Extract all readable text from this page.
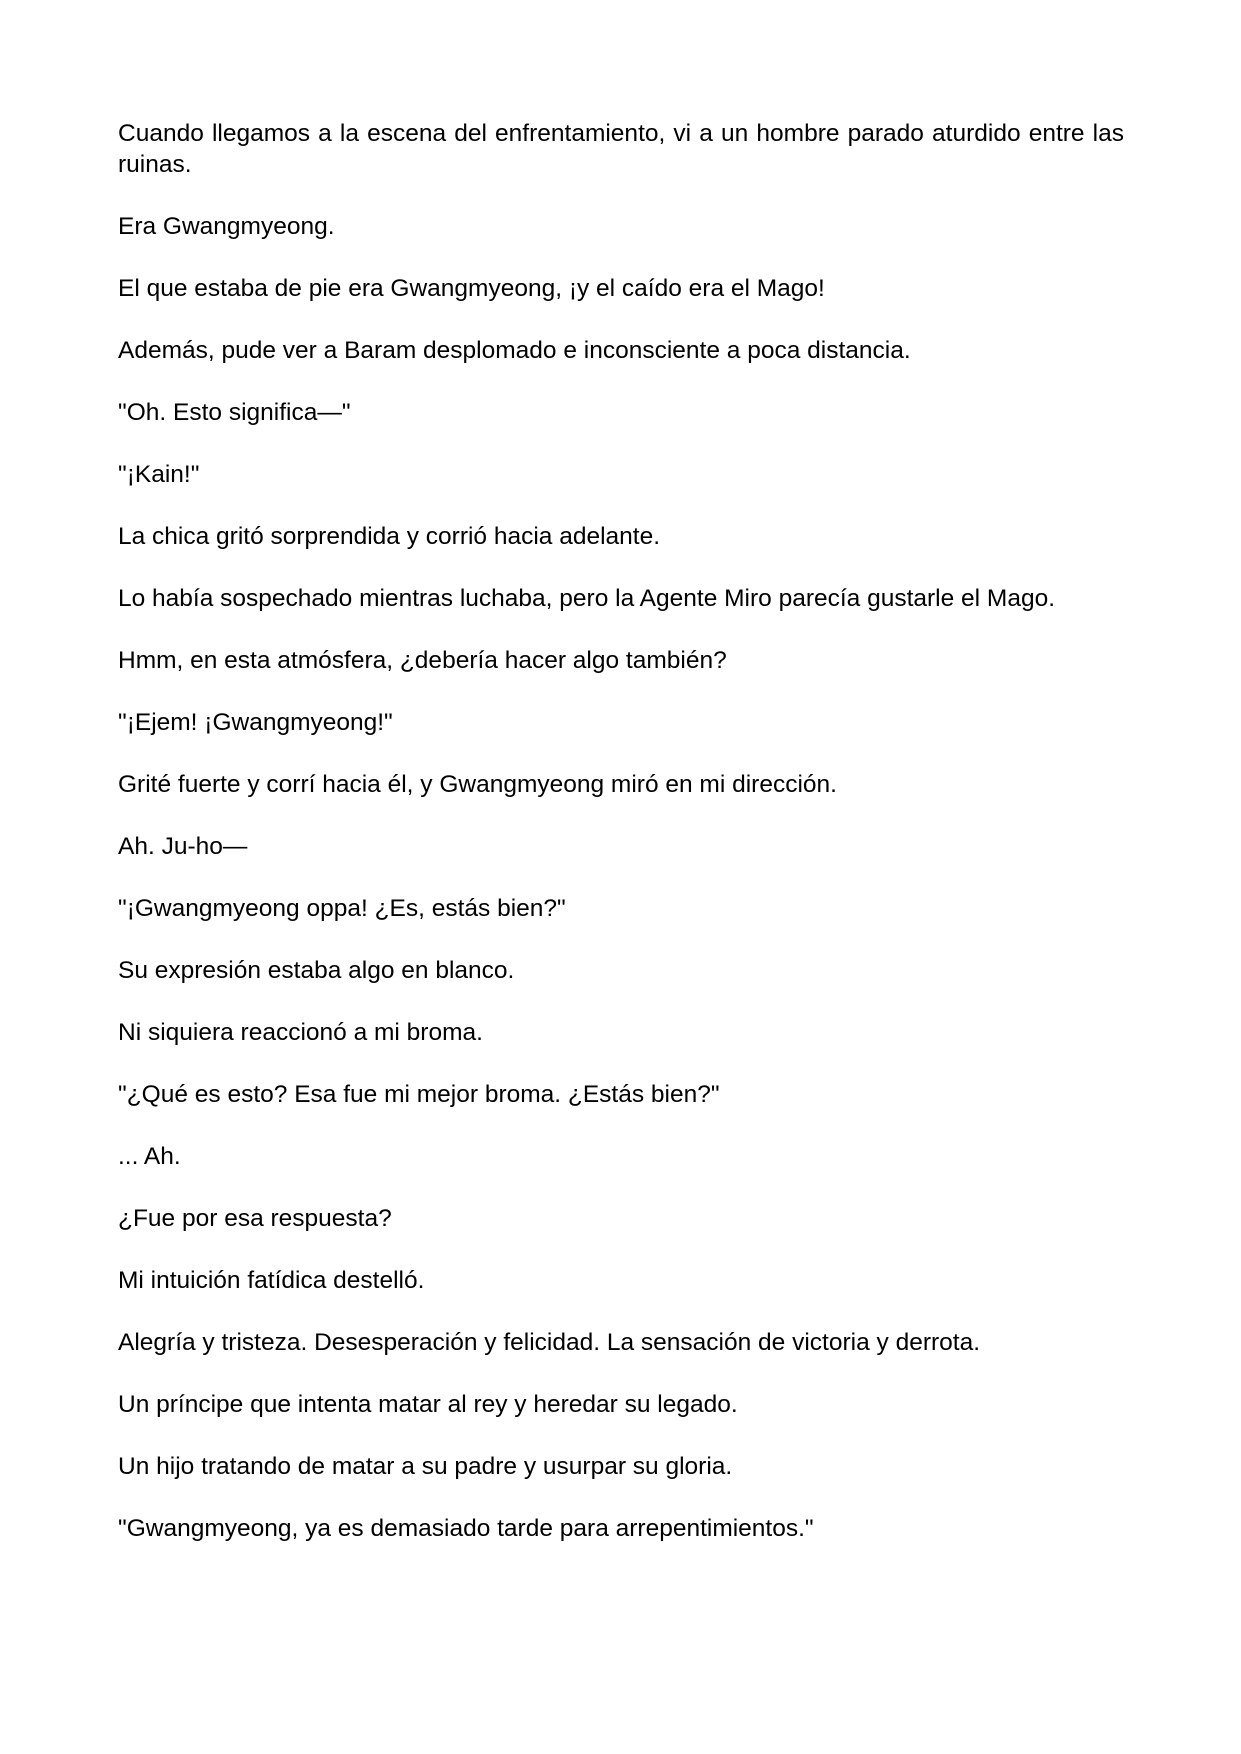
Cuando llegamos a la escena del enfrentamiento, vi a un hombre parado aturdido entre las ruinas.

Era Gwangmyeong.

El que estaba de pie era Gwangmyeong, ¡y el caído era el Mago!

Además, pude ver a Baram desplomado e inconsciente a poca distancia.

"Oh. Esto significa—"

"¡Kain!"

La chica gritó sorprendida y corrió hacia adelante.

Lo había sospechado mientras luchaba, pero la Agente Miro parecía gustarle el Mago.

Hmm, en esta atmósfera, ¿debería hacer algo también?

"¡Ejem! ¡Gwangmyeong!"

Grité fuerte y corrí hacia él, y Gwangmyeong miró en mi dirección.

Ah. Ju-ho—

"¡Gwangmyeong oppa! ¿Es, estás bien?"

Su expresión estaba algo en blanco.

Ni siquiera reaccionó a mi broma.

"¿Qué es esto? Esa fue mi mejor broma. ¿Estás bien?"

... Ah.

¿Fue por esa respuesta?

Mi intuición fatídica destelló.

Alegría y tristeza. Desesperación y felicidad. La sensación de victoria y derrota.

Un príncipe que intenta matar al rey y heredar su legado.

Un hijo tratando de matar a su padre y usurpar su gloria.

"Gwangmyeong, ya es demasiado tarde para arrepentimientos."
